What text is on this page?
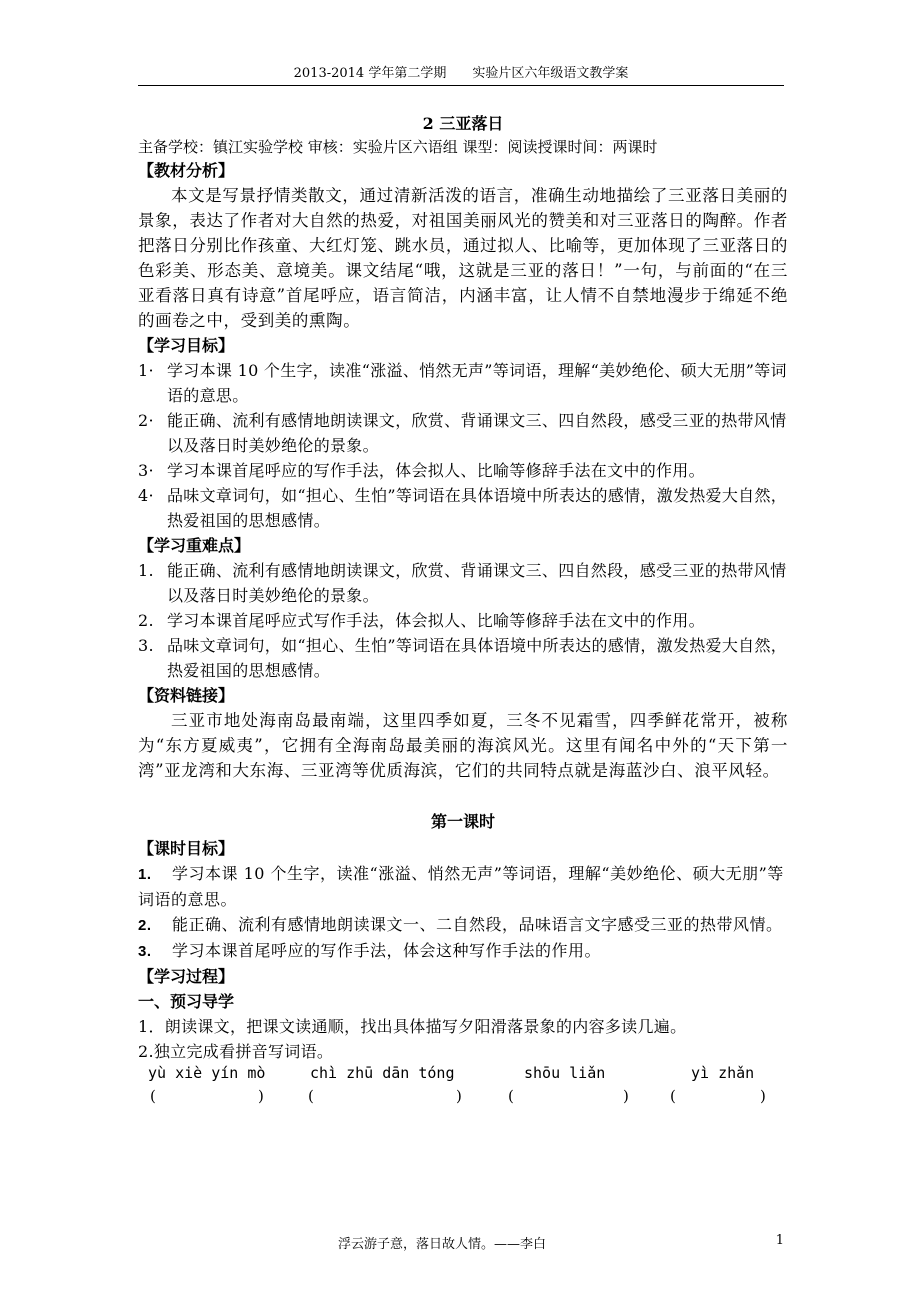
2013-2014 学年第二学期　　实验片区六年级语文教学案
2 三亚落日
主备学校：镇江实验学校 审核：实验片区六语组 课型：阅读授课时间：两课时
【教材分析】

本文是写景抒情类散文，通过清新活泼的语言，准确生动地描绘了三亚落日美丽的景象，表达了作者对大自然的热爱，对祖国美丽风光的赞美和对三亚落日的陶醉。作者把落日分别比作孩童、大红灯笼、跳水员，通过拟人、比喻等，更加体现了三亚落日的色彩美、形态美、意境美。课文结尾“哦，这就是三亚的落日！”一句，与前面的“在三亚看落日真有诗意”首尾呼应，语言简洁，内涵丰富，让人情不自禁地漫步于绵延不绝的画卷之中，受到美的熏陶。

【学习目标】

1· 学习本课 10 个生字，读准“涨溢、悄然无声”等词语，理解“美妙绝伦、硕大无朋”等词语的意思。

2· 能正确、流利有感情地朗读课文，欣赏、背诵课文三、四自然段，感受三亚的热带风情以及落日时美妙绝伦的景象。

3· 学习本课首尾呼应的写作手法，体会拟人、比喻等修辞手法在文中的作用。

4· 品味文章词句，如“担心、生怕”等词语在具体语境中所表达的感情，激发热爱大自然，热爱祖国的思想感情。

【学习重难点】

1. 能正确、流利有感情地朗读课文，欣赏、背诵课文三、四自然段，感受三亚的热带风情以及落日时美妙绝伦的景象。

2. 学习本课首尾呼应式写作手法，体会拟人、比喻等修辞手法在文中的作用。

3. 品味文章词句，如“担心、生怕”等词语在具体语境中所表达的感情，激发热爱大自然，热爱祖国的思想感情。

【资料链接】

三亚市地处海南岛最南端，这里四季如夏，三冬不见霜雪，四季鲜花常开，被称为“东方夏威夷”，它拥有全海南岛最美丽的海滨风光。这里有闻名中外的“天下第一湾”亚龙湾和大东海、三亚湾等优质海滨，它们的共同特点就是海蓝沙白、浪平风轻。

第一课时
【课时目标】

1. 学习本课 10 个生字，读准“涨溢、悄然无声”等词语，理解“美妙绝伦、硕大无朋”等词语的意思。

2. 能正确、流利有感情地朗读课文一、二自然段，品味语言文字感受三亚的热带风情。

3. 学习本课首尾呼应的写作手法，体会这种写作手法的作用。

【学习过程】
一、预习导学

1．朗读课文，把课文读通顺，找出具体描写夕阳滑落景象的内容多读几遍。

2.独立完成看拼音写词语。

yù xiè yín mò	chì zhū dān tóng	shōu liǎn	yì zhǎn
(	)	(	)	(	)	(	)
浮云游子意，落日故人情。——李白	1
